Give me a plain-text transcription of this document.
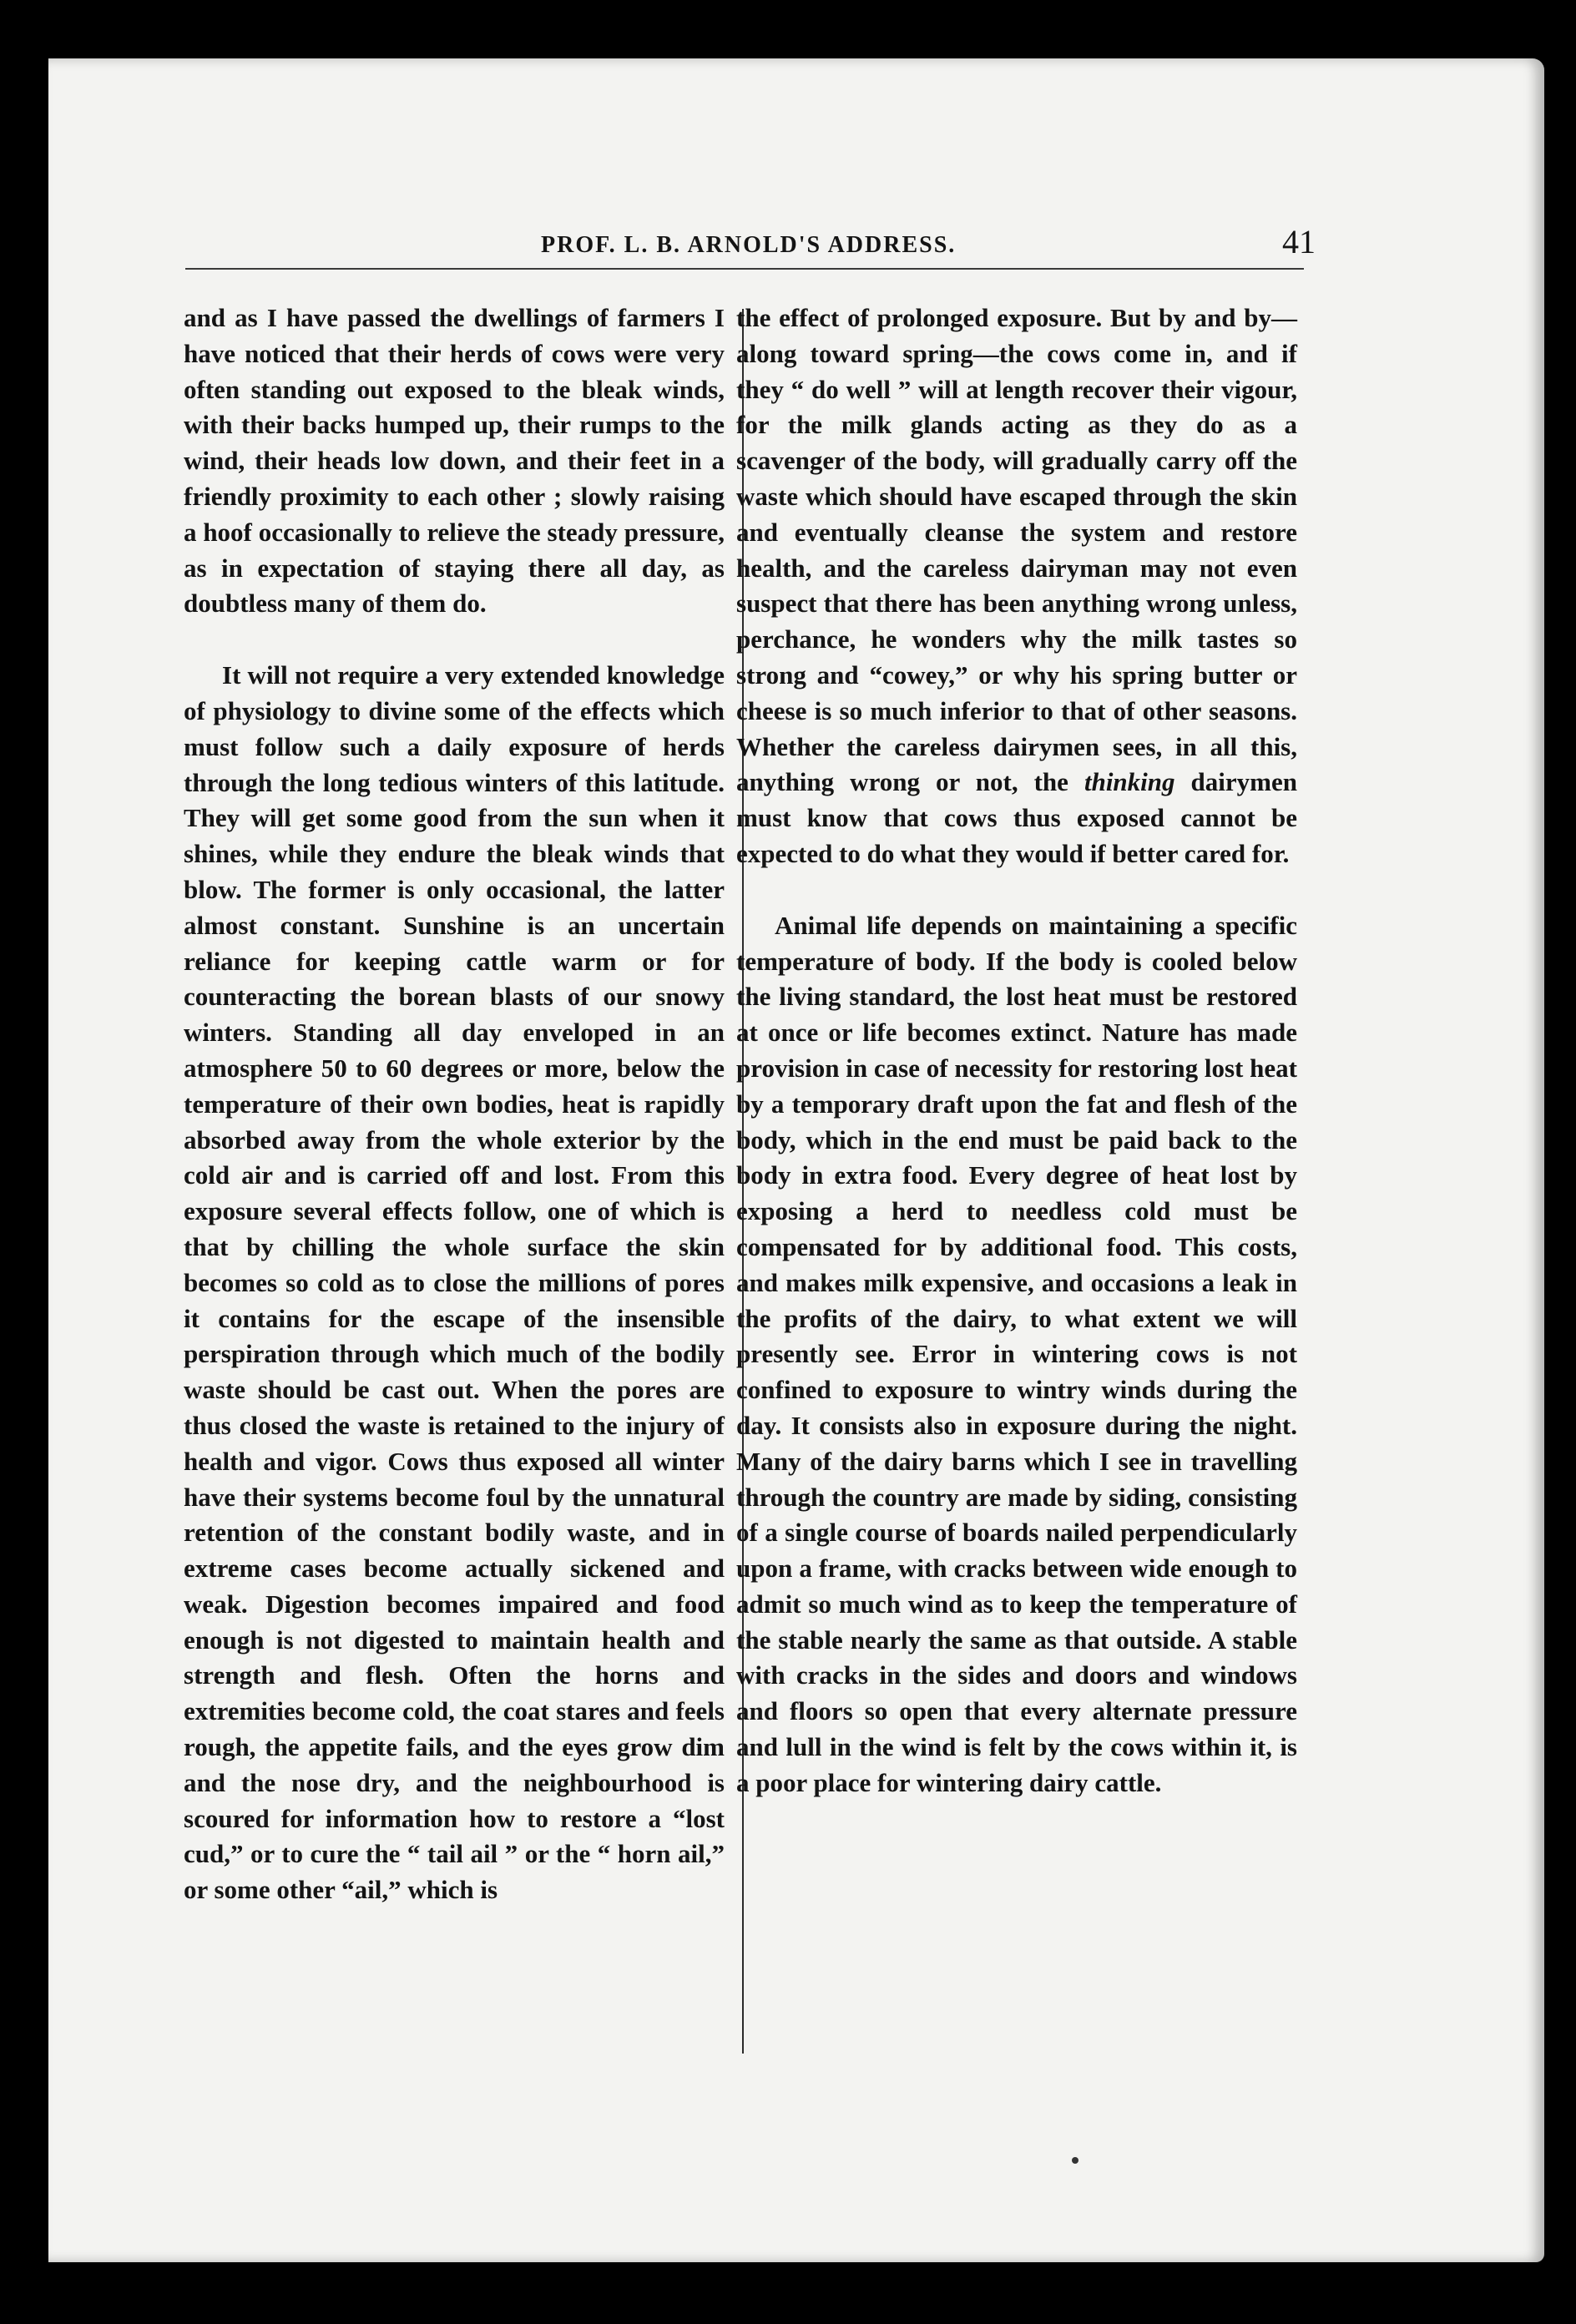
PROF. L. B. ARNOLD'S ADDRESS.	41

and as I have passed the dwellings of farmers I have noticed that their herds of cows were very often standing out exposed to the bleak winds, with their backs humped up, their rumps to the wind, their heads low down, and their feet in a friendly proximity to each other ; slowly raising a hoof occasionally to relieve the steady pressure, as in expectation of staying there all day, as doubtless many of them do.

It will not require a very extended knowledge of physiology to divine some of the effects which must follow such a daily exposure of herds through the long tedious winters of this latitude. They will get some good from the sun when it shines, while they endure the bleak winds that blow. The former is only occasional, the latter almost constant. Sunshine is an uncertain reliance for keeping cattle warm or for counteracting the borean blasts of our snowy winters. Standing all day enveloped in an atmosphere 50 to 60 degrees or more, below the temperature of their own bodies, heat is rapidly absorbed away from the whole exterior by the cold air and is carried off and lost. From this exposure several effects follow, one of which is that by chilling the whole surface the skin becomes so cold as to close the millions of pores it contains for the escape of the insensible perspiration through which much of the bodily waste should be cast out. When the pores are thus closed the waste is retained to the injury of health and vigor. Cows thus exposed all winter have their systems become foul by the unnatural retention of the constant bodily waste, and in extreme cases become actually sickened and weak. Digestion becomes impaired and food enough is not digested to maintain health and strength and flesh. Often the horns and extremities become cold, the coat stares and feels rough, the appetite fails, and the eyes grow dim and the nose dry, and the neighbourhood is scoured for information how to restore a “lost cud,” or to cure the “ tail ail ” or the “ horn ail,” or some other “ail,” which is

the effect of prolonged exposure. But by and by—along toward spring—the cows come in, and if they “ do well ” will at length recover their vigour, for the milk glands acting as they do as a scavenger of the body, will gradually carry off the waste which should have escaped through the skin and eventually cleanse the system and restore health, and the careless dairyman may not even suspect that there has been anything wrong unless, perchance, he wonders why the milk tastes so strong and “cowey,” or why his spring butter or cheese is so much inferior to that of other seasons. Whether the careless dairymen sees, in all this, anything wrong or not, the thinking dairymen must know that cows thus exposed cannot be expected to do what they would if better cared for.

Animal life depends on maintaining a specific temperature of body. If the body is cooled below the living standard, the lost heat must be restored at once or life becomes extinct. Nature has made provision in case of necessity for restoring lost heat by a temporary draft upon the fat and flesh of the body, which in the end must be paid back to the body in extra food. Every degree of heat lost by exposing a herd to needless cold must be compensated for by additional food. This costs, and makes milk expensive, and occasions a leak in the profits of the dairy, to what extent we will presently see. Error in wintering cows is not confined to exposure to wintry winds during the day. It consists also in exposure during the night. Many of the dairy barns which I see in travelling through the country are made by siding, consisting of a single course of boards nailed perpendicularly upon a frame, with cracks between wide enough to admit so much wind as to keep the temperature of the stable nearly the same as that outside. A stable with cracks in the sides and doors and windows and floors so open that every alternate pressure and lull in the wind is felt by the cows within it, is a poor place for wintering dairy cattle.
